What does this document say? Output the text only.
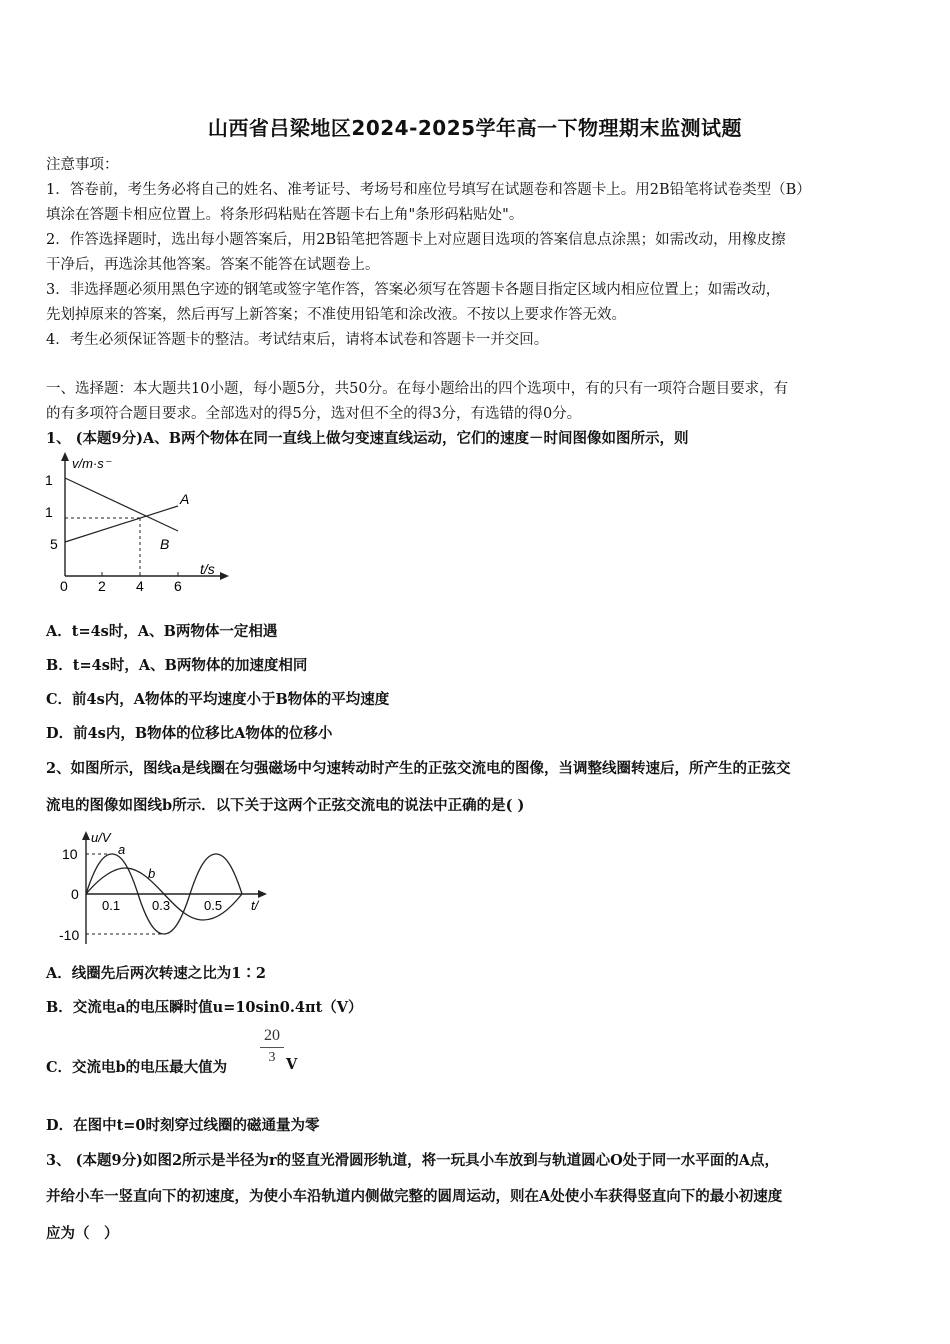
山西省吕梁地区2024-2025学年高一下物理期末监测试题
注意事项：
1．答卷前，考生务必将自己的姓名、准考证号、考场号和座位号填写在试题卷和答题卡上。用2B铅笔将试卷类型（B）
填涂在答题卡相应位置上。将条形码粘贴在答题卡右上角"条形码粘贴处"。
2．作答选择题时，选出每小题答案后，用2B铅笔把答题卡上对应题目选项的答案信息点涂黑；如需改动，用橡皮擦
干净后，再选涂其他答案。答案不能答在试题卷上。
3．非选择题必须用黑色字迹的钢笔或签字笔作答，答案必须写在答题卡各题目指定区域内相应位置上；如需改动，
先划掉原来的答案，然后再写上新答案；不准使用铅笔和涂改液。不按以上要求作答无效。
4．考生必须保证答题卡的整洁。考试结束后，请将本试卷和答题卡一并交回。
一、选择题：本大题共10小题，每小题5分，共50分。在每小题给出的四个选项中，有的只有一项符合题目要求，有
的有多项符合题目要求。全部选对的得5分，选对但不全的得3分，有选错的得0分。
1、 (本题9分)A、B两个物体在同一直线上做匀变速直线运动，它们的速度－时间图像如图所示，则
v/m·s⁻
t/s
1
1
5
0 2 4 6
A
B
A．t=4s时，A、B两物体一定相遇
B．t=4s时，A、B两物体的加速度相同
C．前4s内，A物体的平均速度小于B物体的平均速度
D．前4s内，B物体的位移比A物体的位移小
2、如图所示，图线a是线圈在匀强磁场中匀速转动时产生的正弦交流电的图像，当调整线圈转速后，所产生的正弦交
流电的图像如图线b所示．以下关于这两个正弦交流电的说法中正确的是( )
u/V
t/
10
0
-10
0.1 0.3	0.5
a
b
A．线圈先后两次转速之比为1∶2
B．交流电a的电压瞬时值u=10sin0.4πt（V）
C．交流电b的电压最大值为
$\frac{20}{3}$ V
D．在图中t=0时刻穿过线圈的磁通量为零
3、 (本题9分)如图2所示是半径为r的竖直光滑圆形轨道，将一玩具小车放到与轨道圆心O处于同一水平面的A点，
并给小车一竖直向下的初速度，为使小车沿轨道内侧做完整的圆周运动，则在A处使小车获得竖直向下的最小初速度
应为（　）
